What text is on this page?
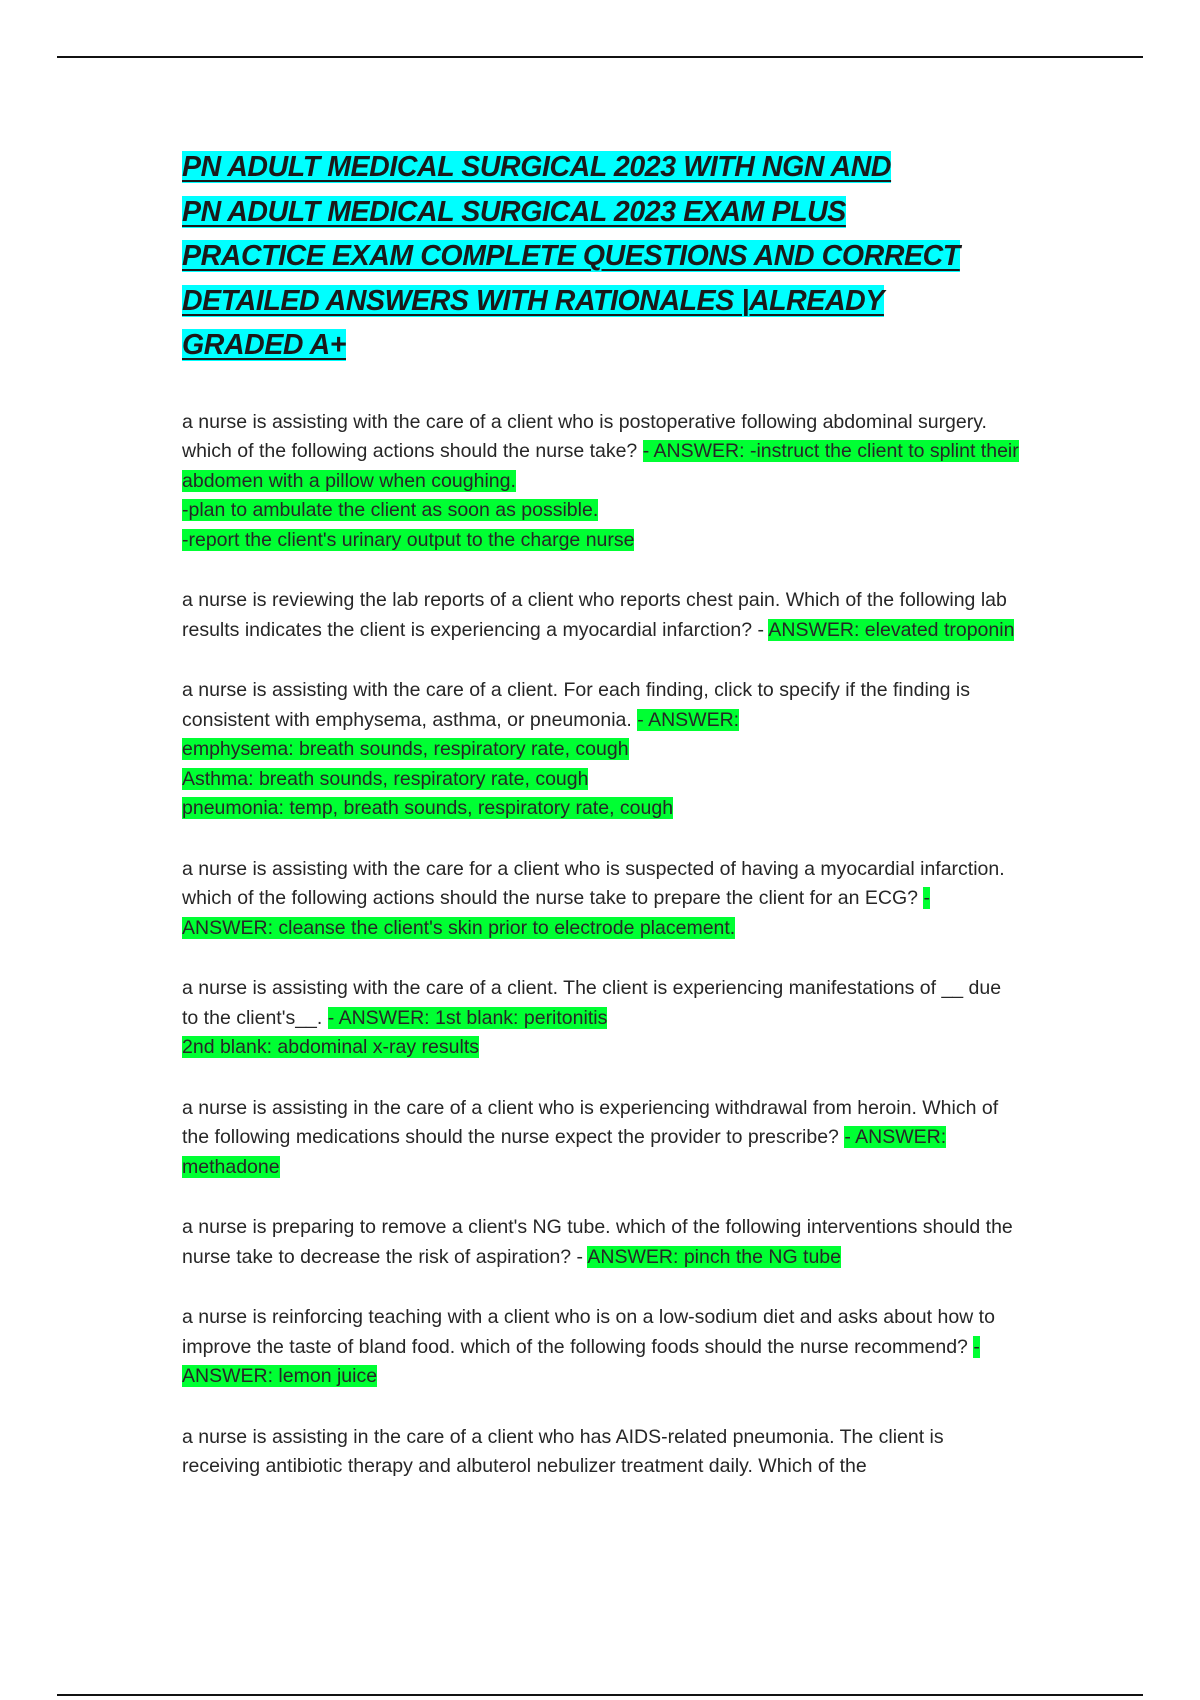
PN ADULT MEDICAL SURGICAL 2023 WITH NGN AND
PN ADULT MEDICAL SURGICAL 2023 EXAM PLUS
PRACTICE EXAM COMPLETE QUESTIONS AND CORRECT
DETAILED ANSWERS WITH RATIONALES |ALREADY
GRADED A+

a nurse is assisting with the care of a client who is postoperative following abdominal surgery. which of the following actions should the nurse take? - ANSWER: -instruct the client to splint their abdomen with a pillow when coughing.
-plan to ambulate the client as soon as possible.
-report the client's urinary output to the charge nurse

a nurse is reviewing the lab reports of a client who reports chest pain. Which of the following lab results indicates the client is experiencing a myocardial infarction? - ANSWER: elevated troponin

a nurse is assisting with the care of a client. For each finding, click to specify if the finding is consistent with emphysema, asthma, or pneumonia. - ANSWER:
emphysema: breath sounds, respiratory rate, cough
Asthma: breath sounds, respiratory rate, cough
pneumonia: temp, breath sounds, respiratory rate, cough

a nurse is assisting with the care for a client who is suspected of having a myocardial infarction. which of the following actions should the nurse take to prepare the client for an ECG? - ANSWER: cleanse the client's skin prior to electrode placement.

a nurse is assisting with the care of a client. The client is experiencing manifestations of __ due to the client's__. - ANSWER: 1st blank: peritonitis
2nd blank: abdominal x-ray results

a nurse is assisting in the care of a client who is experiencing withdrawal from heroin. Which of the following medications should the nurse expect the provider to prescribe? - ANSWER: methadone

a nurse is preparing to remove a client's NG tube. which of the following interventions should the nurse take to decrease the risk of aspiration? - ANSWER: pinch the NG tube

a nurse is reinforcing teaching with a client who is on a low-sodium diet and asks about how to improve the taste of bland food. which of the following foods should the nurse recommend? - ANSWER: lemon juice

a nurse is assisting in the care of a client who has AIDS-related pneumonia. The client is receiving antibiotic therapy and albuterol nebulizer treatment daily. Which of the
